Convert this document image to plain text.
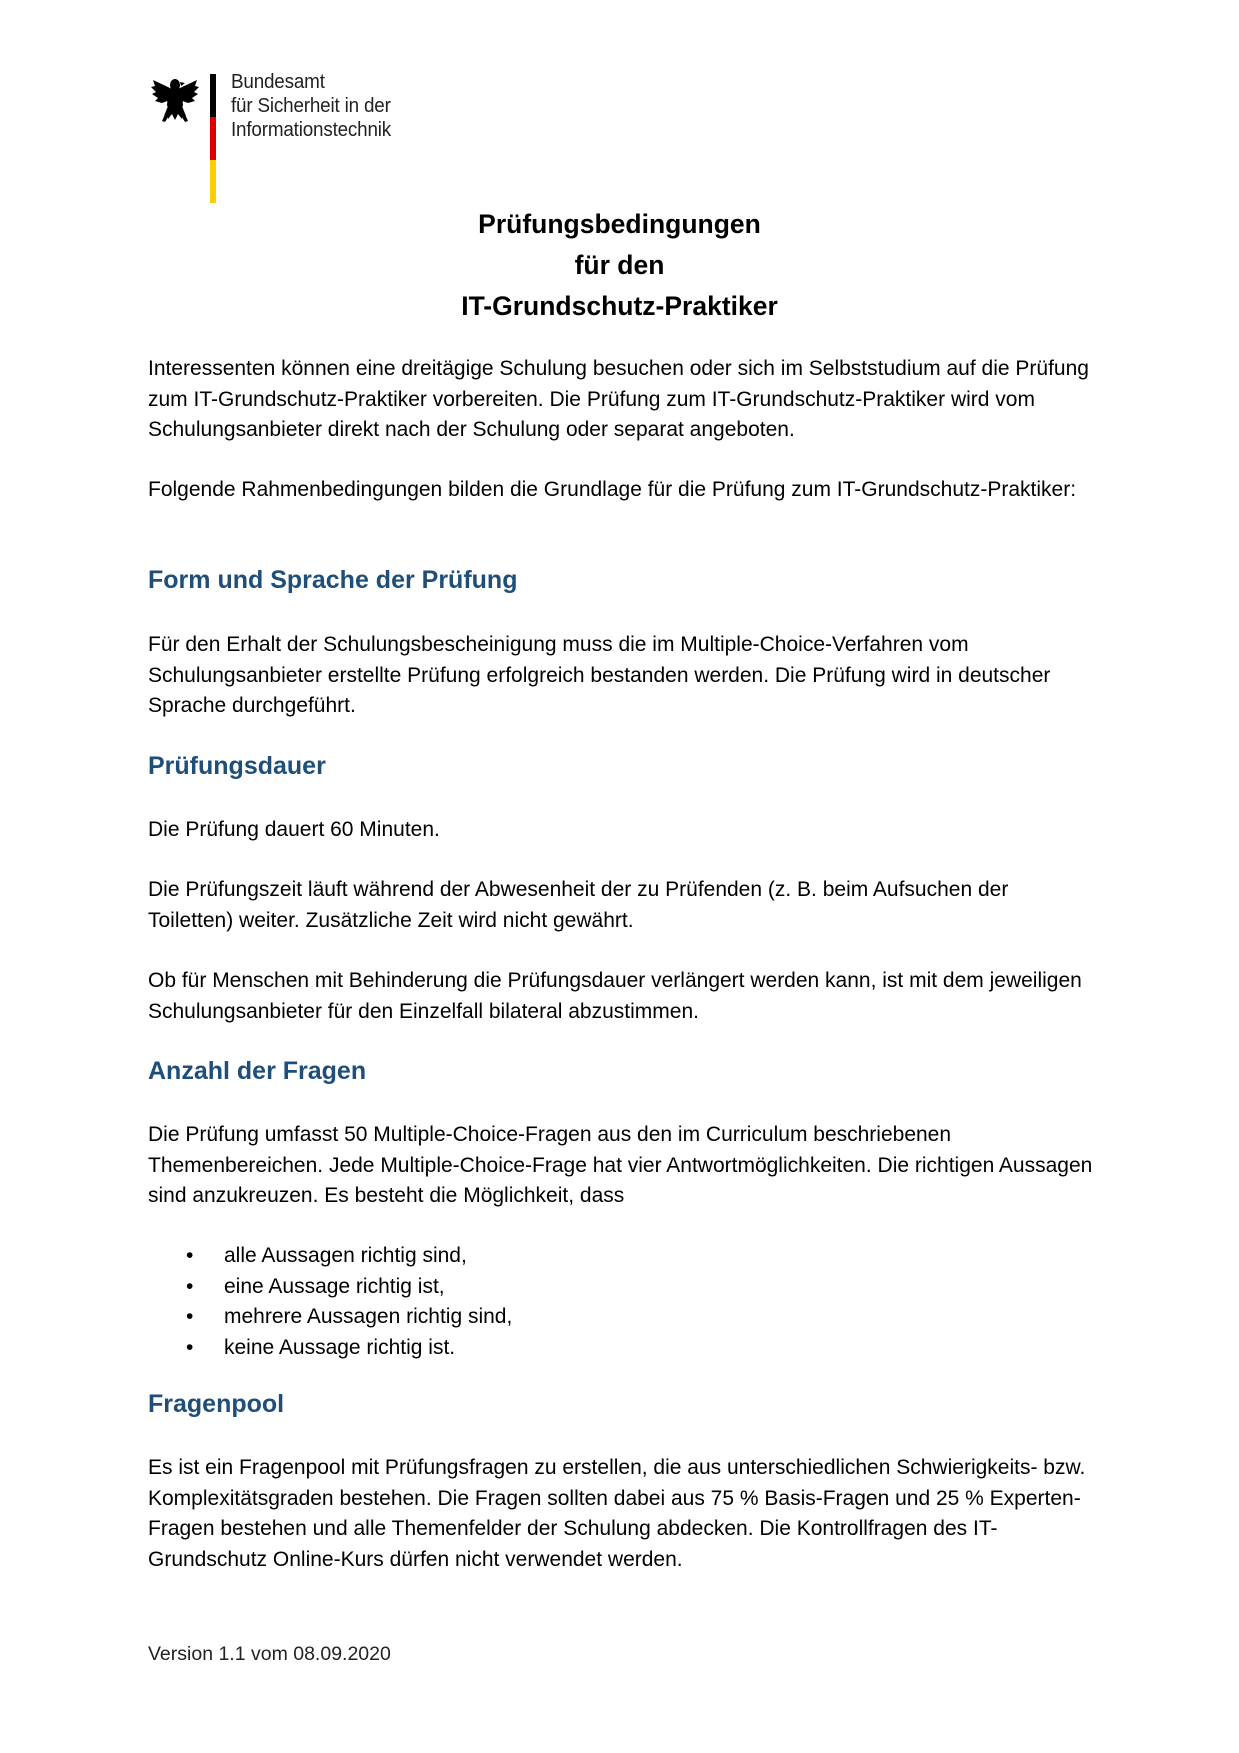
Bundesamt
für Sicherheit in der
Informationstechnik
Prüfungsbedingungen
für den
IT-Grundschutz-Praktiker

Interessenten können eine dreitägige Schulung besuchen oder sich im Selbststudium auf die Prüfung zum IT-Grundschutz-Praktiker vorbereiten. Die Prüfung zum IT-Grundschutz-Praktiker wird vom Schulungsanbieter direkt nach der Schulung oder separat angeboten.

Folgende Rahmenbedingungen bilden die Grundlage für die Prüfung zum IT-Grundschutz-Praktiker:

Form und Sprache der Prüfung

Für den Erhalt der Schulungsbescheinigung muss die im Multiple-Choice-Verfahren vom Schulungsanbieter erstellte Prüfung erfolgreich bestanden werden. Die Prüfung wird in deutscher Sprache durchgeführt.

Prüfungsdauer

Die Prüfung dauert 60 Minuten.

Die Prüfungszeit läuft während der Abwesenheit der zu Prüfenden (z. B. beim Aufsuchen der Toiletten) weiter. Zusätzliche Zeit wird nicht gewährt.

Ob für Menschen mit Behinderung die Prüfungsdauer verlängert werden kann, ist mit dem jeweiligen Schulungsanbieter für den Einzelfall bilateral abzustimmen.

Anzahl der Fragen

Die Prüfung umfasst 50 Multiple-Choice-Fragen aus den im Curriculum beschriebenen Themenbereichen. Jede Multiple-Choice-Frage hat vier Antwortmöglichkeiten. Die richtigen Aussagen sind anzukreuzen. Es besteht die Möglichkeit, dass

• alle Aussagen richtig sind,
• eine Aussage richtig ist,
• mehrere Aussagen richtig sind,
• keine Aussage richtig ist.
Fragenpool

Es ist ein Fragenpool mit Prüfungsfragen zu erstellen, die aus unterschiedlichen Schwierigkeits- bzw. Komplexitätsgraden bestehen. Die Fragen sollten dabei aus 75 % Basis-Fragen und 25 % Experten-Fragen bestehen und alle Themenfelder der Schulung abdecken. Die Kontrollfragen des IT-Grundschutz Online-Kurs dürfen nicht verwendet werden.

Version 1.1 vom 08.09.2020
